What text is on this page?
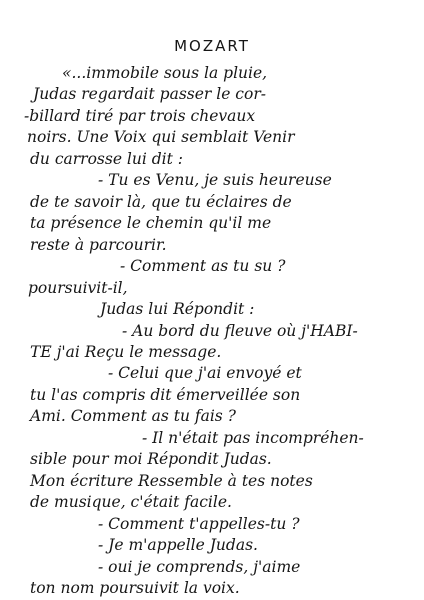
MOZART
«...immobile sous la pluie,
Judas regardait passer le cor-
-billard tiré par trois chevaux
noirs. Une Voix qui semblait Venir
du carrosse lui dit :
- Tu es Venu, je suis heureuse
de te savoir là, que tu éclaires de
ta présence le chemin qu'il me
reste à parcourir.
- Comment as tu su ?
poursuivit-il,
Judas lui Répondit :
- Au bord du fleuve où j'HABI-
TE j'ai Reçu le message.
- Celui que j'ai envoyé et
tu l'as compris dit émerveillée son
Ami. Comment as tu fais ?
- Il n'était pas incompréhen-
sible pour moi Répondit Judas.
Mon écriture Ressemble à tes notes
de musique, c'était facile.
- Comment t'appelles-tu ?
- Je m'appelle Judas.
- oui je comprends, j'aime
ton nom poursuivit la voix.
